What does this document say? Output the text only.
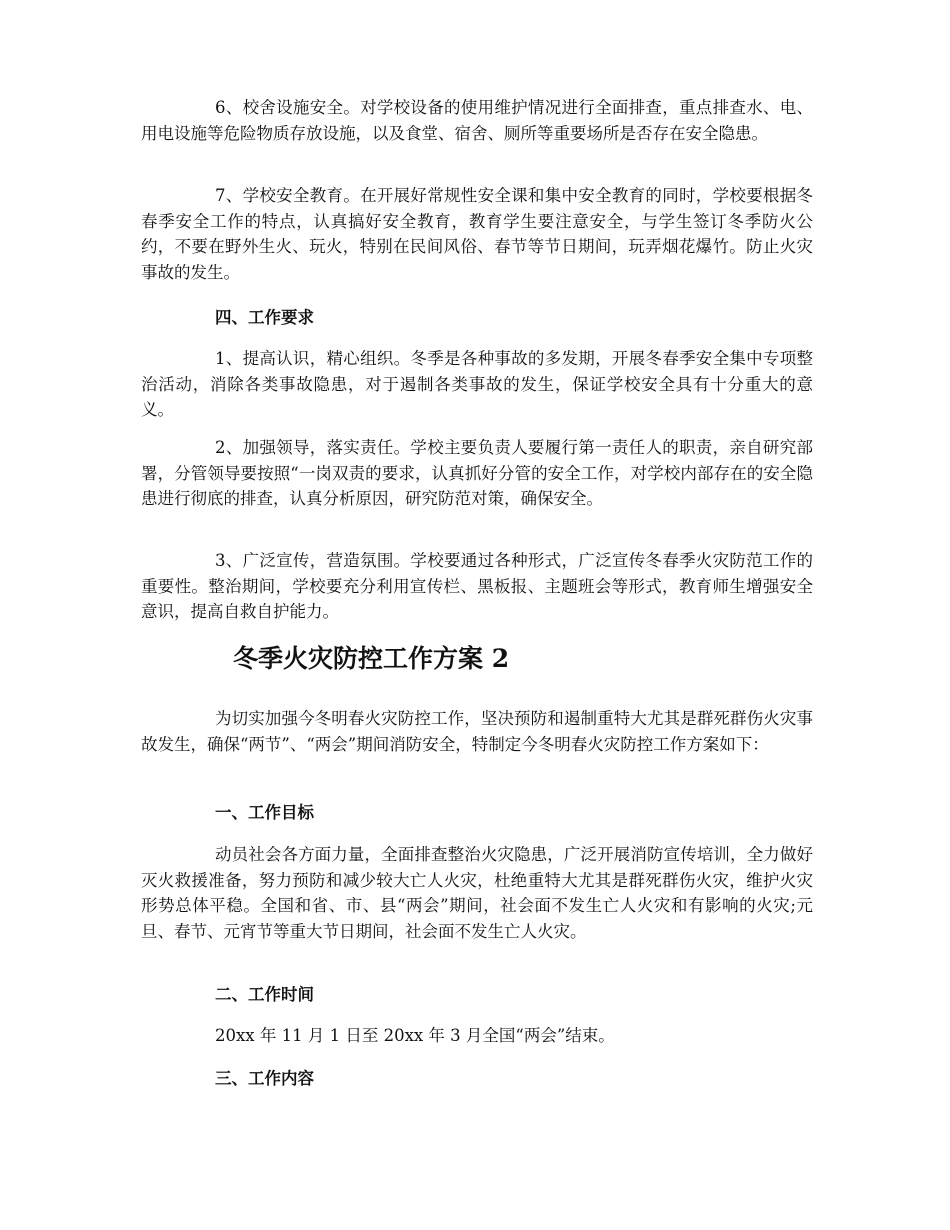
6、校舍设施安全。对学校设备的使用维护情况进行全面排查，重点排查水、电、用电设施等危险物质存放设施，以及食堂、宿舍、厕所等重要场所是否存在安全隐患。

7、学校安全教育。在开展好常规性安全课和集中安全教育的同时，学校要根据冬春季安全工作的特点，认真搞好安全教育，教育学生要注意安全，与学生签订冬季防火公约，不要在野外生火、玩火，特别在民间风俗、春节等节日期间，玩弄烟花爆竹。防止火灾事故的发生。

四、工作要求

1、提高认识，精心组织。冬季是各种事故的多发期，开展冬春季安全集中专项整治活动，消除各类事故隐患，对于遏制各类事故的发生，保证学校安全具有十分重大的意义。

2、加强领导，落实责任。学校主要负责人要履行第一责任人的职责，亲自研究部署，分管领导要按照“一岗双责的要求，认真抓好分管的安全工作，对学校内部存在的安全隐患进行彻底的排查，认真分析原因，研究防范对策，确保安全。

3、广泛宣传，营造氛围。学校要通过各种形式，广泛宣传冬春季火灾防范工作的重要性。整治期间，学校要充分利用宣传栏、黑板报、主题班会等形式，教育师生增强安全意识，提高自救自护能力。

冬季火灾防控工作方案 2

为切实加强今冬明春火灾防控工作，坚决预防和遏制重特大尤其是群死群伤火灾事故发生，确保“两节”、“两会”期间消防安全，特制定今冬明春火灾防控工作方案如下：

一、工作目标

动员社会各方面力量，全面排查整治火灾隐患，广泛开展消防宣传培训，全力做好灭火救援准备，努力预防和减少较大亡人火灾，杜绝重特大尤其是群死群伤火灾，维护火灾形势总体平稳。全国和省、市、县“两会”期间，社会面不发生亡人火灾和有影响的火灾;元旦、春节、元宵节等重大节日期间，社会面不发生亡人火灾。

二、工作时间

20xx 年 11 月 1 日至 20xx 年 3 月全国“两会”结束。

三、工作内容
